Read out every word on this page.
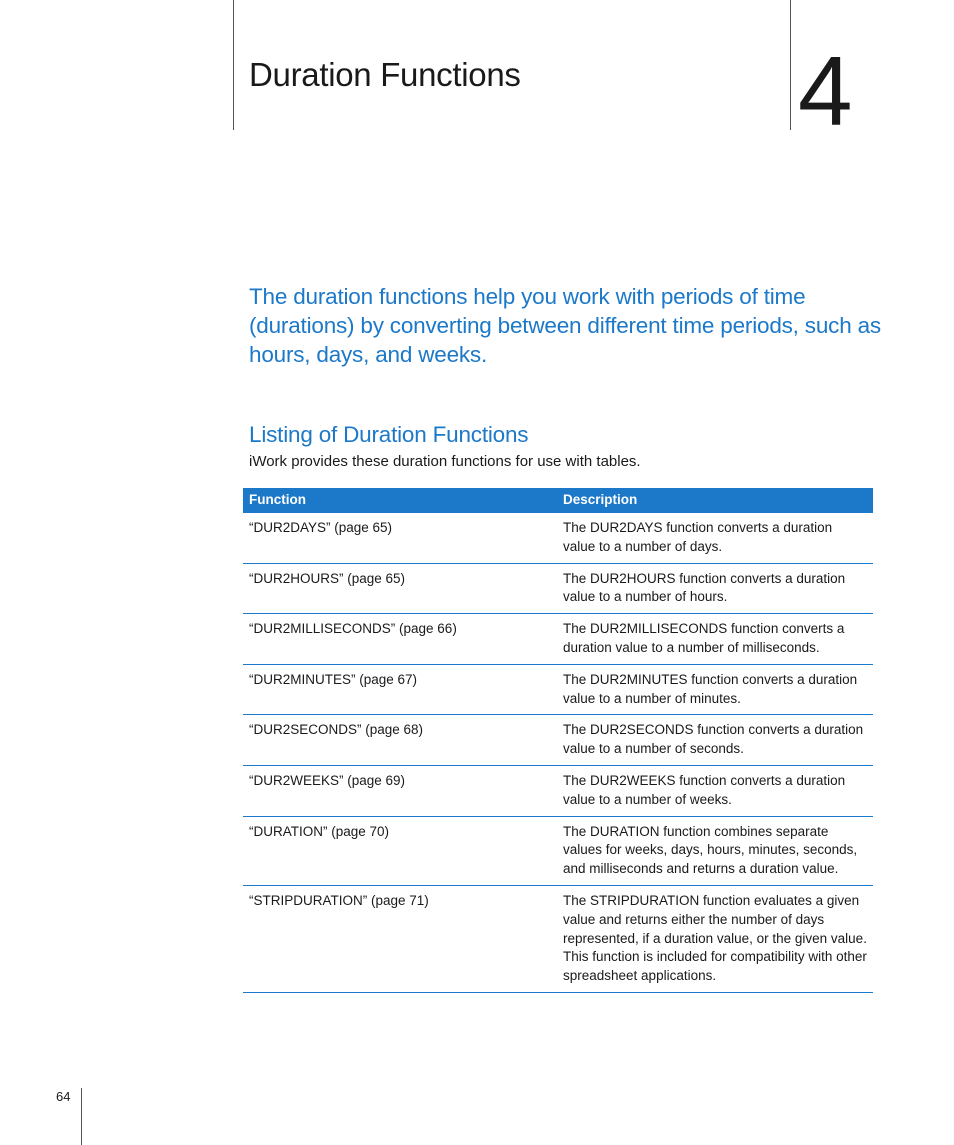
Duration Functions	4
The duration functions help you work with periods of time (durations) by converting between different time periods, such as hours, days, and weeks.
Listing of Duration Functions
iWork provides these duration functions for use with tables.
Function	Description
“DUR2DAYS” (page 65)	The DUR2DAYS function converts a duration value to a number of days.
“DUR2HOURS” (page 65)	The DUR2HOURS function converts a duration value to a number of hours.
“DUR2MILLISECONDS” (page 66)	The DUR2MILLISECONDS function converts a duration value to a number of milliseconds.
“DUR2MINUTES” (page 67)	The DUR2MINUTES function converts a duration value to a number of minutes.
“DUR2SECONDS” (page 68)	The DUR2SECONDS function converts a duration value to a number of seconds.
“DUR2WEEKS” (page 69)	The DUR2WEEKS function converts a duration value to a number of weeks.
“DURATION” (page 70)	The DURATION function combines separate values for weeks, days, hours, minutes, seconds, and milliseconds and returns a duration value.
“STRIPDURATION” (page 71)	The STRIPDURATION function evaluates a given value and returns either the number of days represented, if a duration value, or the given value. This function is included for compatibility with other spreadsheet applications.
64
